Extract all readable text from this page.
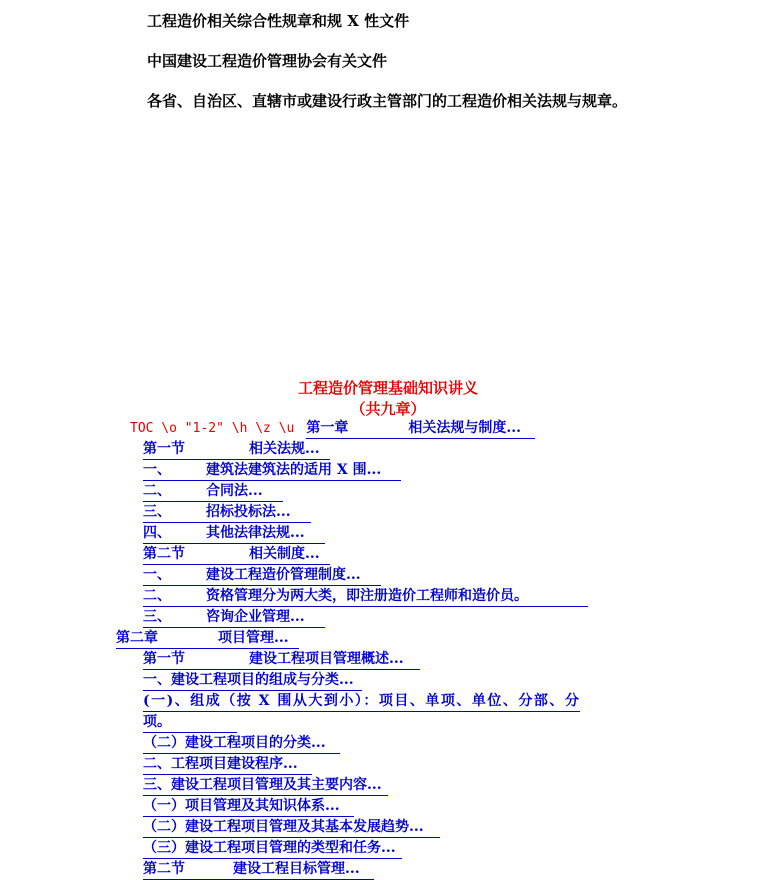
工程造价相关综合性规章和规 X 性文件
中国建设工程造价管理协会有关文件
各省、自治区、直辖市或建设行政主管部门的工程造价相关法规与规章。
工程造价管理基础知识讲义
（共九章）
TOC \o "1-2" \h \z \u 第一章	相关法规与制度...
第一节	相关法规...
一、	建筑法建筑法的适用 X 围...
二、	合同法...
三、	招标投标法...
四、	其他法律法规...
第二节	相关制度...
一、	建设工程造价管理制度...
二、	资格管理分为两大类，即注册造价工程师和造价员。
三、	咨询企业管理...
第二章	项目管理...
第一节	建设工程项目管理概述...
一、建设工程项目的组成与分类...
(一)、组成（按 X 围从大到小）：项目、单项、单位、分部、分
项。
（二）建设工程项目的分类...
二、工程项目建设程序...
三、建设工程项目管理及其主要内容...
（一）项目管理及其知识体系...
（二）建设工程项目管理及其基本发展趋势...
（三）建设工程项目管理的类型和任务...
第二节	建设工程目标管理...
